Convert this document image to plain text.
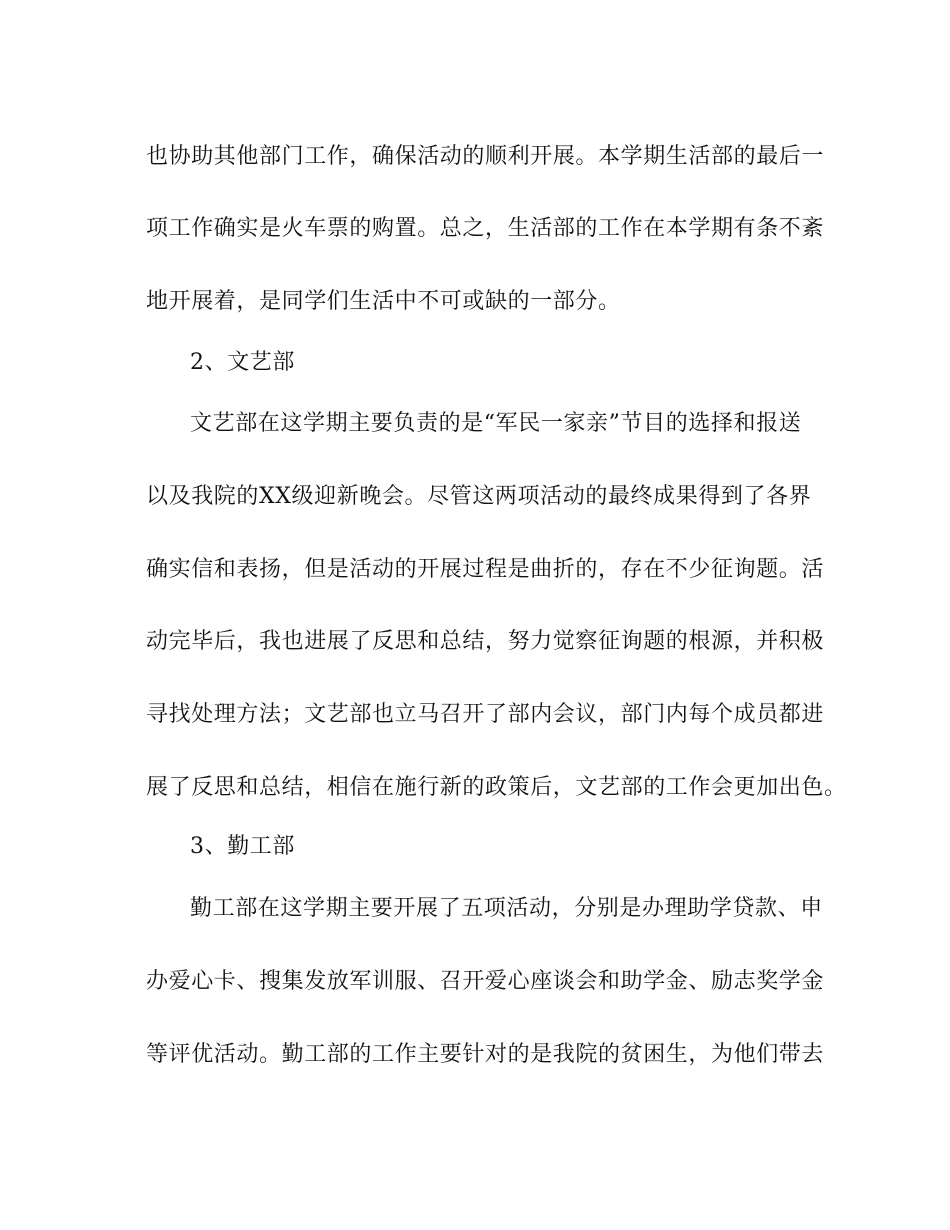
也协助其他部门工作，确保活动的顺利开展。本学期生活部的最后一
项工作确实是火车票的购置。总之，生活部的工作在本学期有条不紊
地开展着，是同学们生活中不可或缺的一部分。
2、文艺部
文艺部在这学期主要负责的是“军民一家亲”节目的选择和报送
以及我院的XX级迎新晚会。尽管这两项活动的最终成果得到了各界
确实信和表扬，但是活动的开展过程是曲折的，存在不少征询题。活
动完毕后，我也进展了反思和总结，努力觉察征询题的根源，并积极
寻找处理方法；文艺部也立马召开了部内会议，部门内每个成员都进
展了反思和总结，相信在施行新的政策后，文艺部的工作会更加出色。
3、勤工部
勤工部在这学期主要开展了五项活动，分别是办理助学贷款、申
办爱心卡、搜集发放军训服、召开爱心座谈会和助学金、励志奖学金
等评优活动。勤工部的工作主要针对的是我院的贫困生，为他们带去
